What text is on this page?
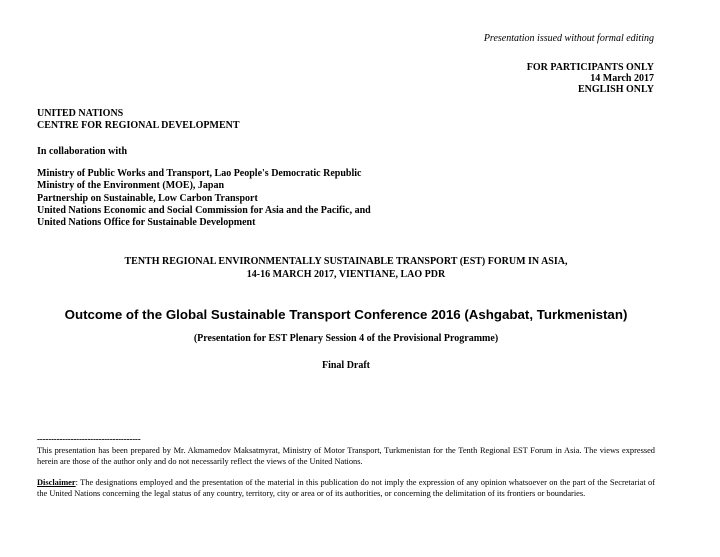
Presentation issued without formal editing
FOR PARTICIPANTS ONLY
14 March 2017
ENGLISH ONLY
UNITED NATIONS
CENTRE FOR REGIONAL DEVELOPMENT
In collaboration with
Ministry of Public Works and Transport, Lao People's Democratic Republic
Ministry of the Environment (MOE), Japan
Partnership on Sustainable, Low Carbon Transport
United Nations Economic and Social Commission for Asia and the Pacific, and
United Nations Office for Sustainable Development
TENTH REGIONAL ENVIRONMENTALLY SUSTAINABLE TRANSPORT (EST) FORUM IN ASIA,
14-16 MARCH 2017, VIENTIANE, LAO PDR
Outcome of the Global Sustainable Transport Conference 2016 (Ashgabat, Turkmenistan)
(Presentation for EST Plenary Session 4 of the Provisional Programme)
Final Draft
-------------------------------------
This presentation has been prepared by Mr. Akmamedov Maksatmyrat, Ministry of Motor Transport, Turkmenistan for the Tenth Regional EST Forum in Asia. The views expressed herein are those of the author only and do not necessarily reflect the views of the United Nations.
Disclaimer: The designations employed and the presentation of the material in this publication do not imply the expression of any opinion whatsoever on the part of the Secretariat of the United Nations concerning the legal status of any country, territory, city or area or of its authorities, or concerning the delimitation of its frontiers or boundaries.
